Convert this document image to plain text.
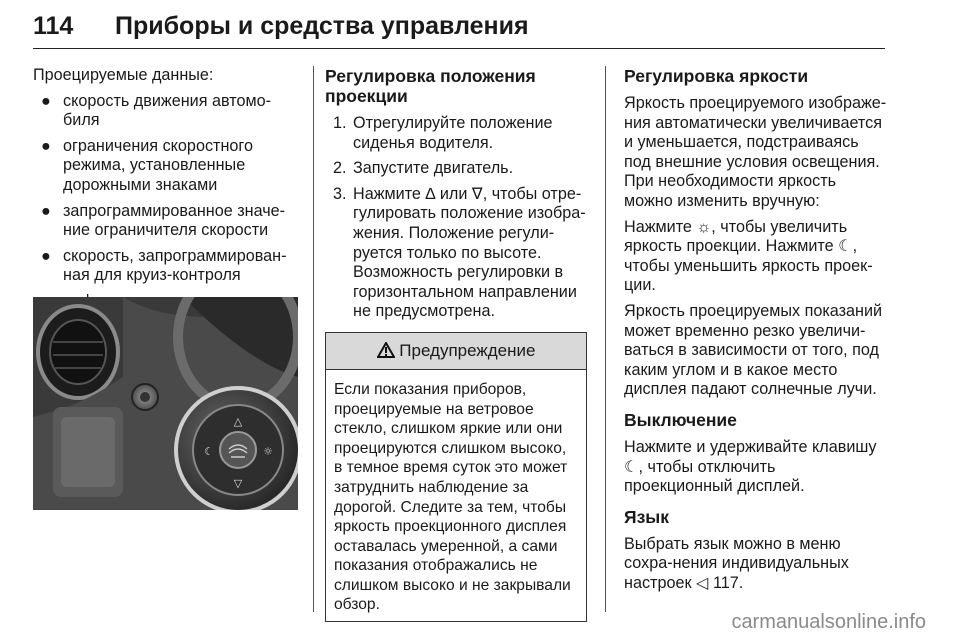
114 Приборы и средства управления

Проецируемые данные:

● скорость движения автомо-биля
● ограничения скоростного режима, установленные дорожными знаками
● запрограммированное значе-ние ограничителя скорости
● скорость, запрограммирован-ная для круиз-контроля
△
▽
☾	☼
Регулировка положения проекции
1. Отрегулируйте положение сиденья водителя.
2. Запустите двигатель.
3. Нажмите ∆ или ∇, чтобы отре-гулировать положение изобра-жения. Положение регули-руется только по высоте. Возможность регулировки в горизонтальном направлении не предусмотрена.
Предупреждение
Если показания приборов, проецируемые на ветровое стекло, слишком яркие или они проецируются слишком высоко, в темное время суток это может затруднить наблюдение за дорогой. Следите за тем, чтобы яркость проекционного дисплея оставалась умеренной, а сами показания отображались не слишком высоко и не закрывали обзор.
Регулировка яркости

Яркость проецируемого изображе-ния автоматически увеличивается и уменьшается, подстраиваясь под внешние условия освещения. При необходимости яркость можно изменить вручную:

Нажмите ☼, чтобы увеличить яркость проекции. Нажмите ☾, чтобы уменьшить яркость проек-ции.

Яркость проецируемых показаний может временно резко увеличи-ваться в зависимости от того, под каким углом и в какое место дисплея падают солнечные лучи.

Выключение

Нажмите и удерживайте клавишу ☾, чтобы отключить проекционный дисплей.

Язык

Выбрать язык можно в меню сохра-нения индивидуальных настроек ◁ 117.

carmanualsonline.info
